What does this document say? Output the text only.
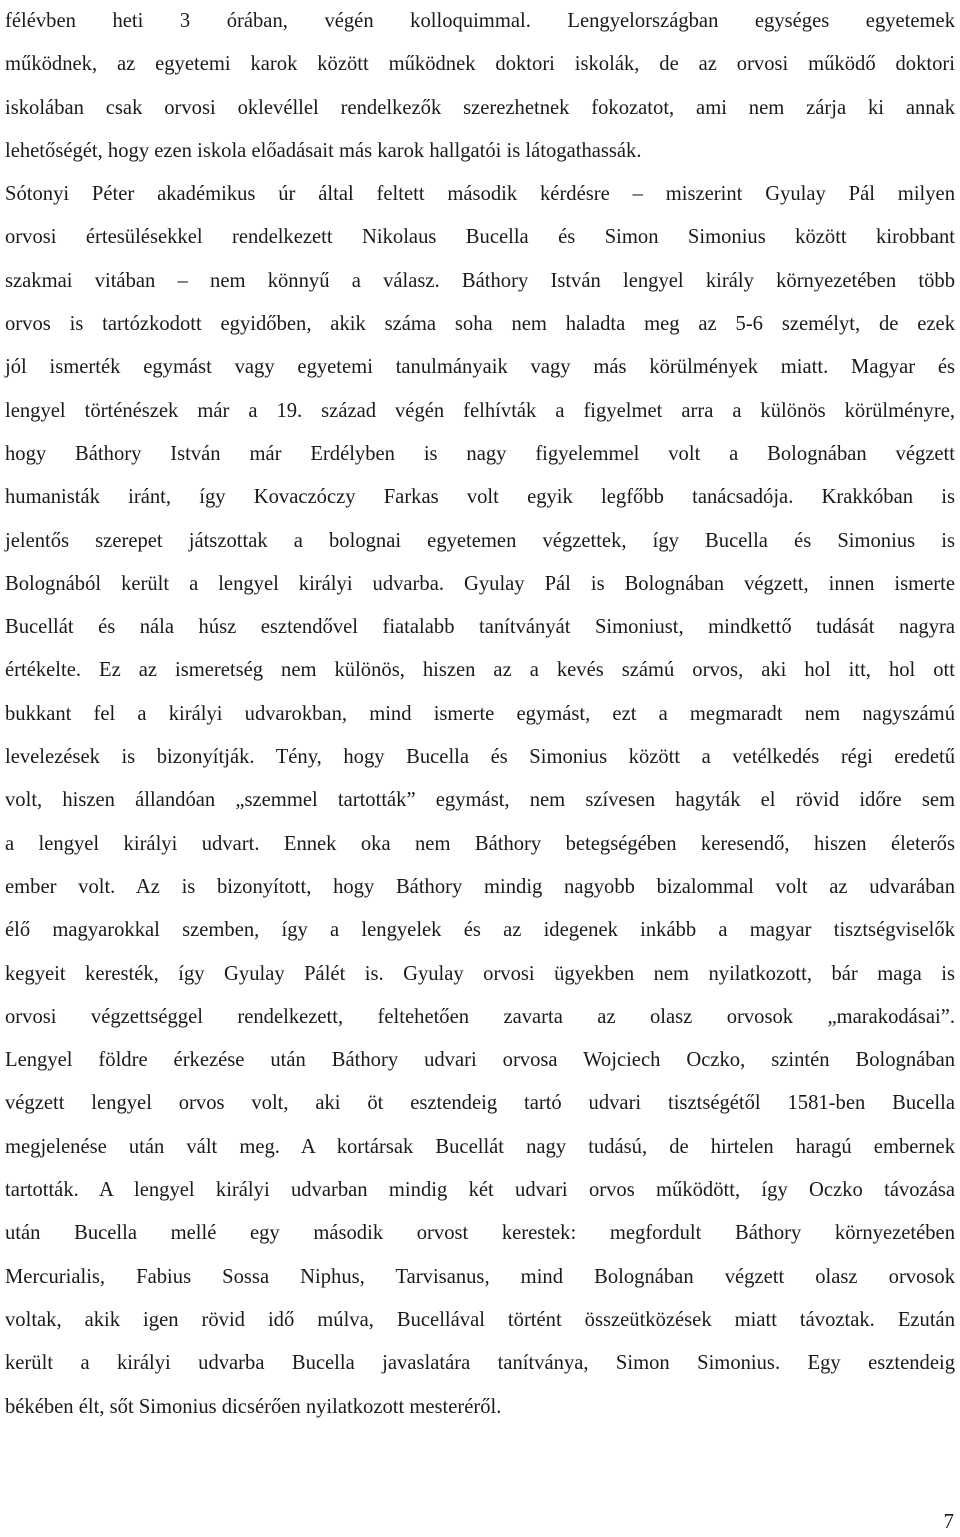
félévben heti 3 órában, végén kolloquimmal. Lengyelországban egységes egyetemek
működnek, az egyetemi karok között működnek doktori iskolák, de az orvosi működő doktori
iskolában csak orvosi oklevéllel rendelkezők szerezhetnek fokozatot, ami nem zárja ki annak
lehetőségét, hogy ezen iskola előadásait más karok hallgatói is látogathassák.
Sótonyi Péter akadémikus úr által feltett második kérdésre – miszerint Gyulay Pál milyen
orvosi értesülésekkel rendelkezett Nikolaus Bucella és Simon Simonius között kirobbant
szakmai vitában – nem könnyű a válasz. Báthory István lengyel király környezetében több
orvos is tartózkodott egyidőben, akik száma soha nem haladta meg az 5-6 személyt, de ezek
jól ismerték egymást vagy egyetemi tanulmányaik vagy más körülmények miatt. Magyar és
lengyel történészek már a 19. század végén felhívták a figyelmet arra a különös körülményre,
hogy Báthory István már Erdélyben is nagy figyelemmel volt a Bolognában végzett
humanisták iránt, így Kovaczóczy Farkas volt egyik legfőbb tanácsadója. Krakkóban is
jelentős szerepet játszottak a bolognai egyetemen végzettek, így Bucella és Simonius is
Bolognából került a lengyel királyi udvarba. Gyulay Pál is Bolognában végzett, innen ismerte
Bucellát és nála húsz esztendővel fiatalabb tanítványát Simoniust, mindkettő tudását nagyra
értékelte. Ez az ismeretség nem különös, hiszen az a kevés számú orvos, aki hol itt, hol ott
bukkant fel a királyi udvarokban, mind ismerte egymást, ezt a megmaradt nem nagyszámú
levelezések is bizonyítják. Tény, hogy Bucella és Simonius között a vetélkedés régi eredetű
volt, hiszen állandóan „szemmel tartották” egymást, nem szívesen hagyták el rövid időre sem
a lengyel királyi udvart. Ennek oka nem Báthory betegségében keresendő, hiszen életerős
ember volt. Az is bizonyított, hogy Báthory mindig nagyobb bizalommal volt az udvarában
élő magyarokkal szemben, így a lengyelek és az idegenek inkább a magyar tisztségviselők
kegyeit keresték, így Gyulay Pálét is. Gyulay orvosi ügyekben nem nyilatkozott, bár maga is
orvosi végzettséggel rendelkezett, feltehetően zavarta az olasz orvosok „marakodásai”.
Lengyel földre érkezése után Báthory udvari orvosa Wojciech Oczko, szintén Bolognában
végzett lengyel orvos volt, aki öt esztendeig tartó udvari tisztségétől 1581-ben Bucella
megjelenése után vált meg. A kortársak Bucellát nagy tudású, de hirtelen haragú embernek
tartották. A lengyel királyi udvarban mindig két udvari orvos működött, így Oczko távozása
után Bucella mellé egy második orvost kerestek: megfordult Báthory környezetében
Mercurialis, Fabius Sossa Niphus, Tarvisanus, mind Bolognában végzett olasz orvosok
voltak, akik igen rövid idő múlva, Bucellával történt összeütközések miatt távoztak. Ezután
került a királyi udvarba Bucella javaslatára tanítványa, Simon Simonius. Egy esztendeig
békében élt, sőt Simonius dicsérően nyilatkozott mesteréről.
7
